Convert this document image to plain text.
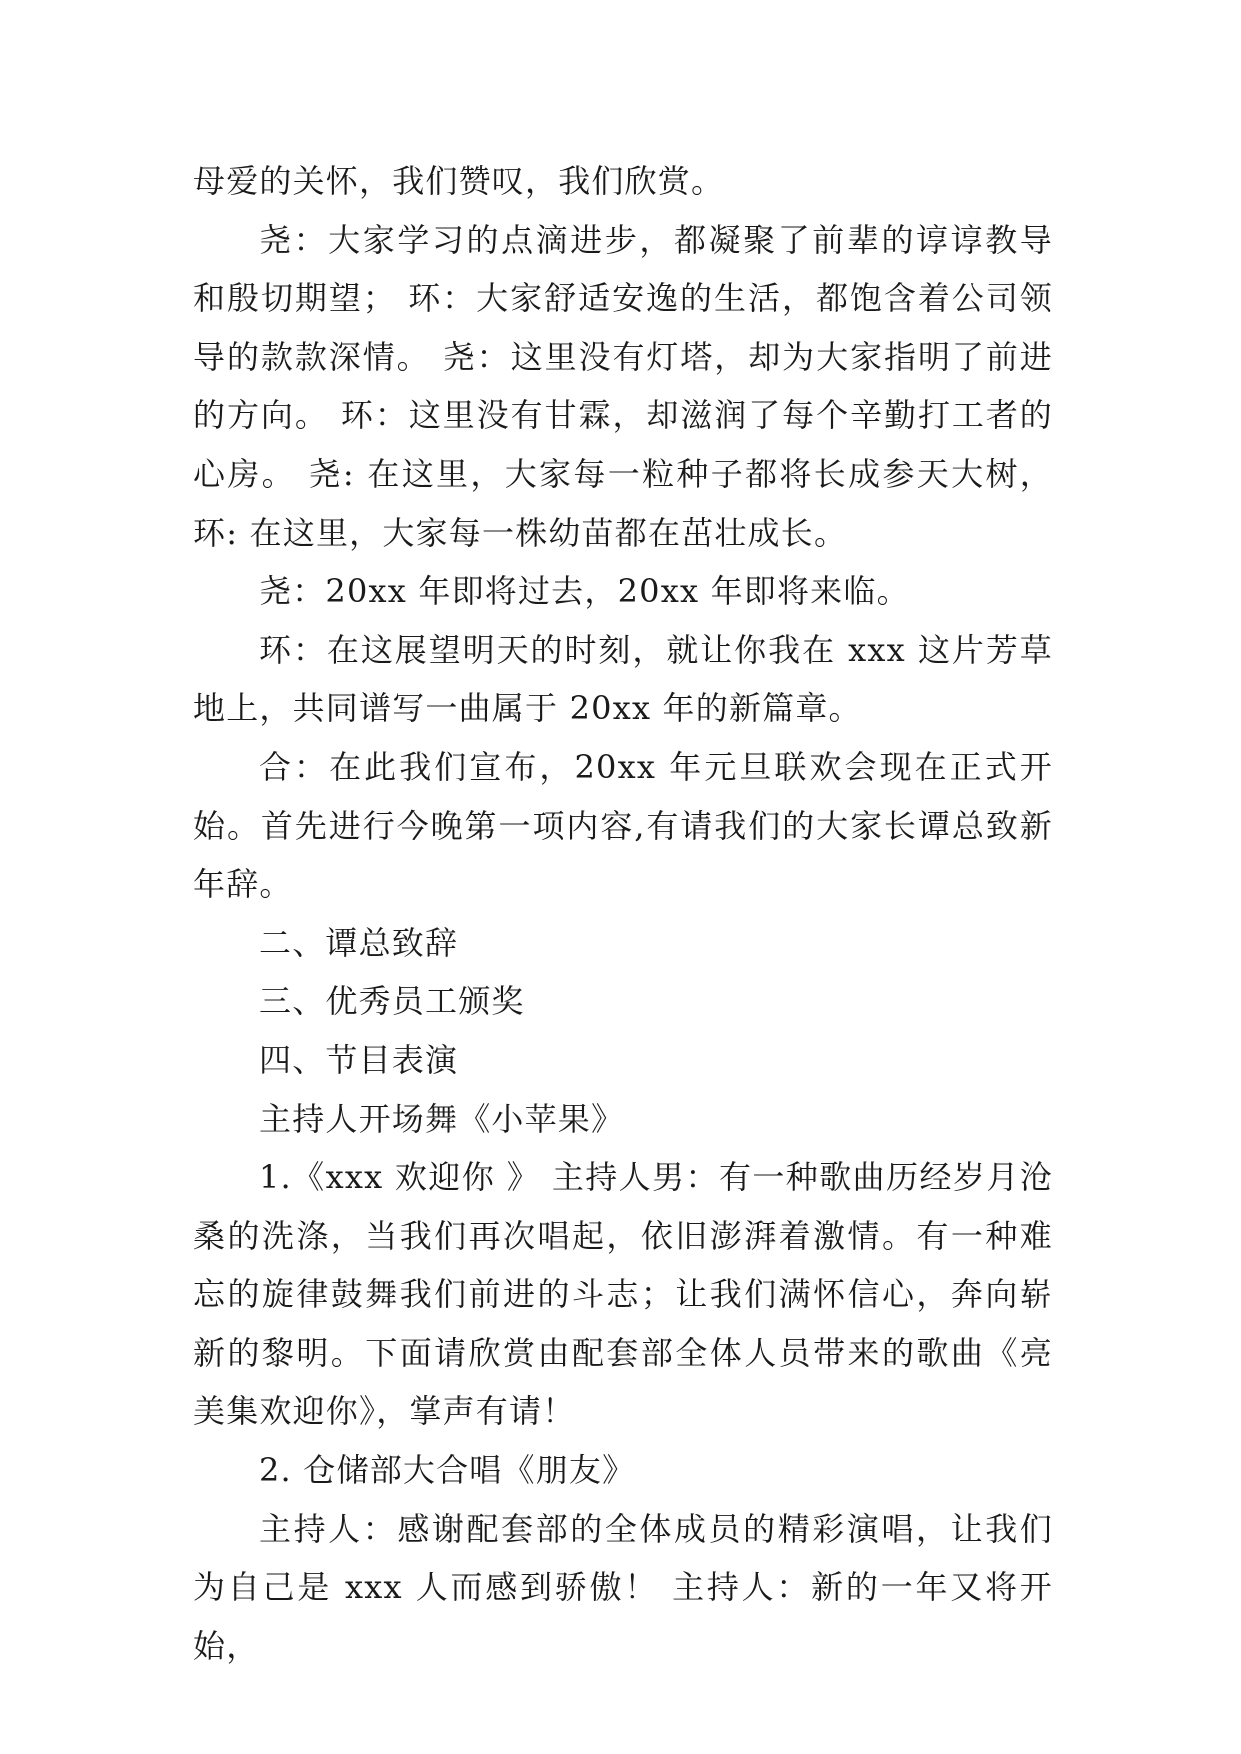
母爱的关怀，我们赞叹，我们欣赏。

尧：大家学习的点滴进步，都凝聚了前辈的谆谆教导和殷切期望； 环：大家舒适安逸的生活，都饱含着公司领导的款款深情。 尧：这里没有灯塔，却为大家指明了前进的方向。 环：这里没有甘霖，却滋润了每个辛勤打工者的心房。 尧: 在这里，大家每一粒种子都将长成参天大树， 环: 在这里，大家每一株幼苗都在茁壮成长。

尧：20xx 年即将过去，20xx 年即将来临。

环：在这展望明天的时刻，就让你我在 xxx 这片芳草地上，共同谱写一曲属于 20xx 年的新篇章。

合：在此我们宣布，20xx 年元旦联欢会现在正式开始。首先进行今晚第一项内容,有请我们的大家长谭总致新年辞。

二、谭总致辞

三、优秀员工颁奖

四、节目表演

主持人开场舞《小苹果》

1.《xxx 欢迎你 》 主持人男：有一种歌曲历经岁月沧桑的洗涤，当我们再次唱起，依旧澎湃着激情。有一种难忘的旋律鼓舞我们前进的斗志；让我们满怀信心，奔向崭新的黎明。下面请欣赏由配套部全体人员带来的歌曲《亮美集欢迎你》，掌声有请！

2. 仓储部大合唱《朋友》

主持人：感谢配套部的全体成员的精彩演唱，让我们为自己是 xxx 人而感到骄傲！ 主持人：新的一年又将开始，
